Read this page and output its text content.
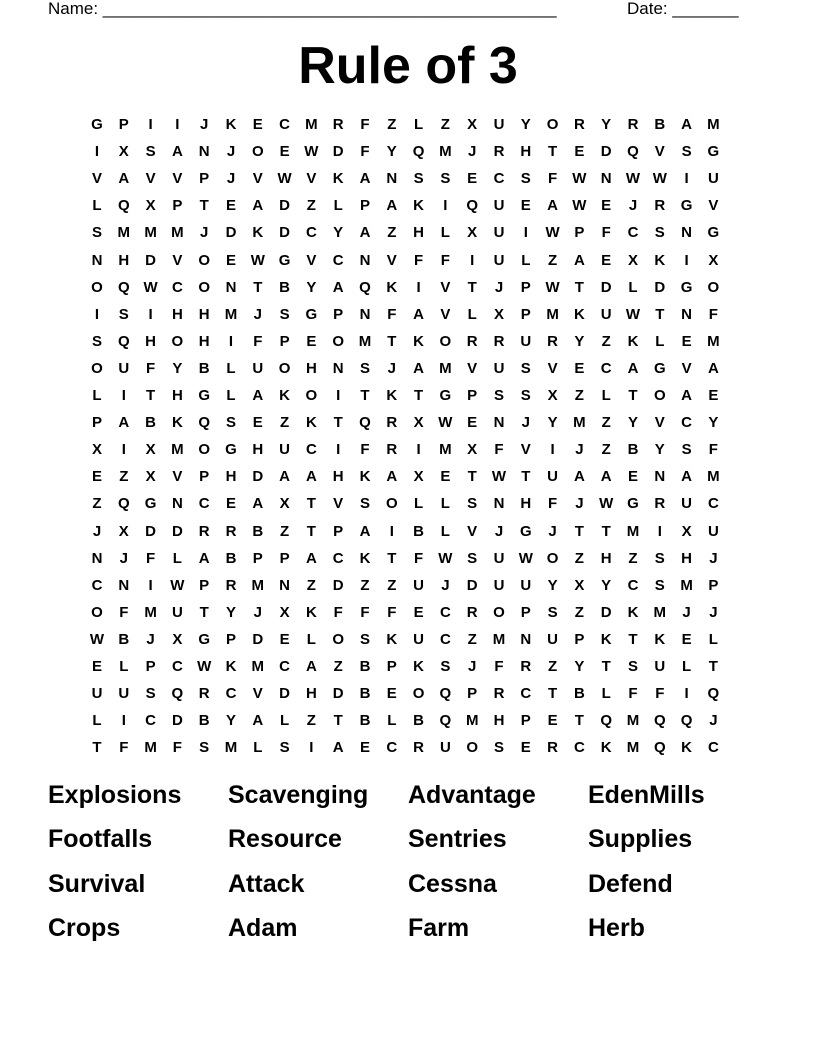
Name: ________________________________________________	Date: _______
Rule of 3
G	P	I	I	J	K	E	C	M	R	F	Z	L	Z	X	U	Y	O	R	Y	R	B	A	M
I	X	S	A	N	J	O	E W D	F	Y	Q M	J	R	H	T	E	D	Q	V	S	G
V	A	V	V	P	J	V W V	K	A	N	S	S	E	C	S	F	W N W W	I	U
L	Q	X	P	T	E	A	D	Z	L	P	A	K	I	Q	U	E	A W E	J	R	G	V
S	M M M	J	D	K	D	C	Y	A	Z	H	L	X	U	I	W P	F	C	S	N	G
N	H	D	V	O	E W G	V	C	N	V	F	F	I	U	L	Z	A	E	X	K	I	X
O	Q W C	O	N	T	B	Y	A	Q	K	I	V	T	J	P W	T	D	L	D	G	O
I	S	I	H	H	M	J	S	G	P	N	F	A	V	L	X	P	M	K	U W	T	N	F
S	Q	H	O	H	I	F	P	E	O M	T	K	O	R	R	U	R	Y	Z	K	L	E	M
O	U	F	Y	B	L	U	O	H	N	S	J	A	M	V	U	S	V	E	C	A	G	V	A
L	I	T	H	G	L	A	K	O	I	T	K	T	G	P	S	S	X	Z	L	T	O	A	E
P	A	B	K	Q	S	E	Z	K	T	Q	R	X W E	N	J	Y	M	Z	Y	V	C	Y
X	I	X	M O	G	H	U	C	I	F	R	I	M	X	F	V	I	J	Z	B	Y	S	F
E	Z	X	V	P	H	D	A	A	H	K	A	X	E	T	W	T	U	A	A	E	N	A	M
Z	Q	G	N	C	E	A	X	T	V	S	O	L	L	S	N	H	F	J	W G	R	U	C
J	X	D	D	R	R	B	Z	T	P	A	I	B	L	V	J	G	J	T	T	M	I	X	U
N	J	F	L	A	B	P	P	A	C	K	T	F	W S	U W O	Z	H	Z	S	H	J
C	N	I	W P	R	M	N	Z	D	Z	Z	U	J	D	U	U	Y	X	Y	C	S	M	P
O	F	M	U	T	Y	J	X	K	F	F	F	E	C	R	O	P	S	Z	D	K	M	J	J
W B	J	X	G	P	D	E	L	O	S	K	U	C	Z	M	N	U	P	K	T	K	E	L
E	L	P	C W K	M	C	A	Z	B	P	K	S	J	F	R	Z	Y	T	S	U	L	T
U	U	S	Q	R	C	V	D	H	D	B	E	O	Q	P	R	C	T	B	L	F	F	I	Q
L	I	C	D	B	Y	A	L	Z	T	B	L	B	Q M	H	P	E	T	Q M Q	Q	J
T	F	M	F	S	M	L	S	I	A	E	C	R	U	O	S	E	R	C	K	M Q	K	C
Explosions Scavenging Advantage EdenMills
Footfalls	Resource	Sentries	Supplies
Survival	Attack	Cessna	Defend
Crops	Adam	Farm	Herb
